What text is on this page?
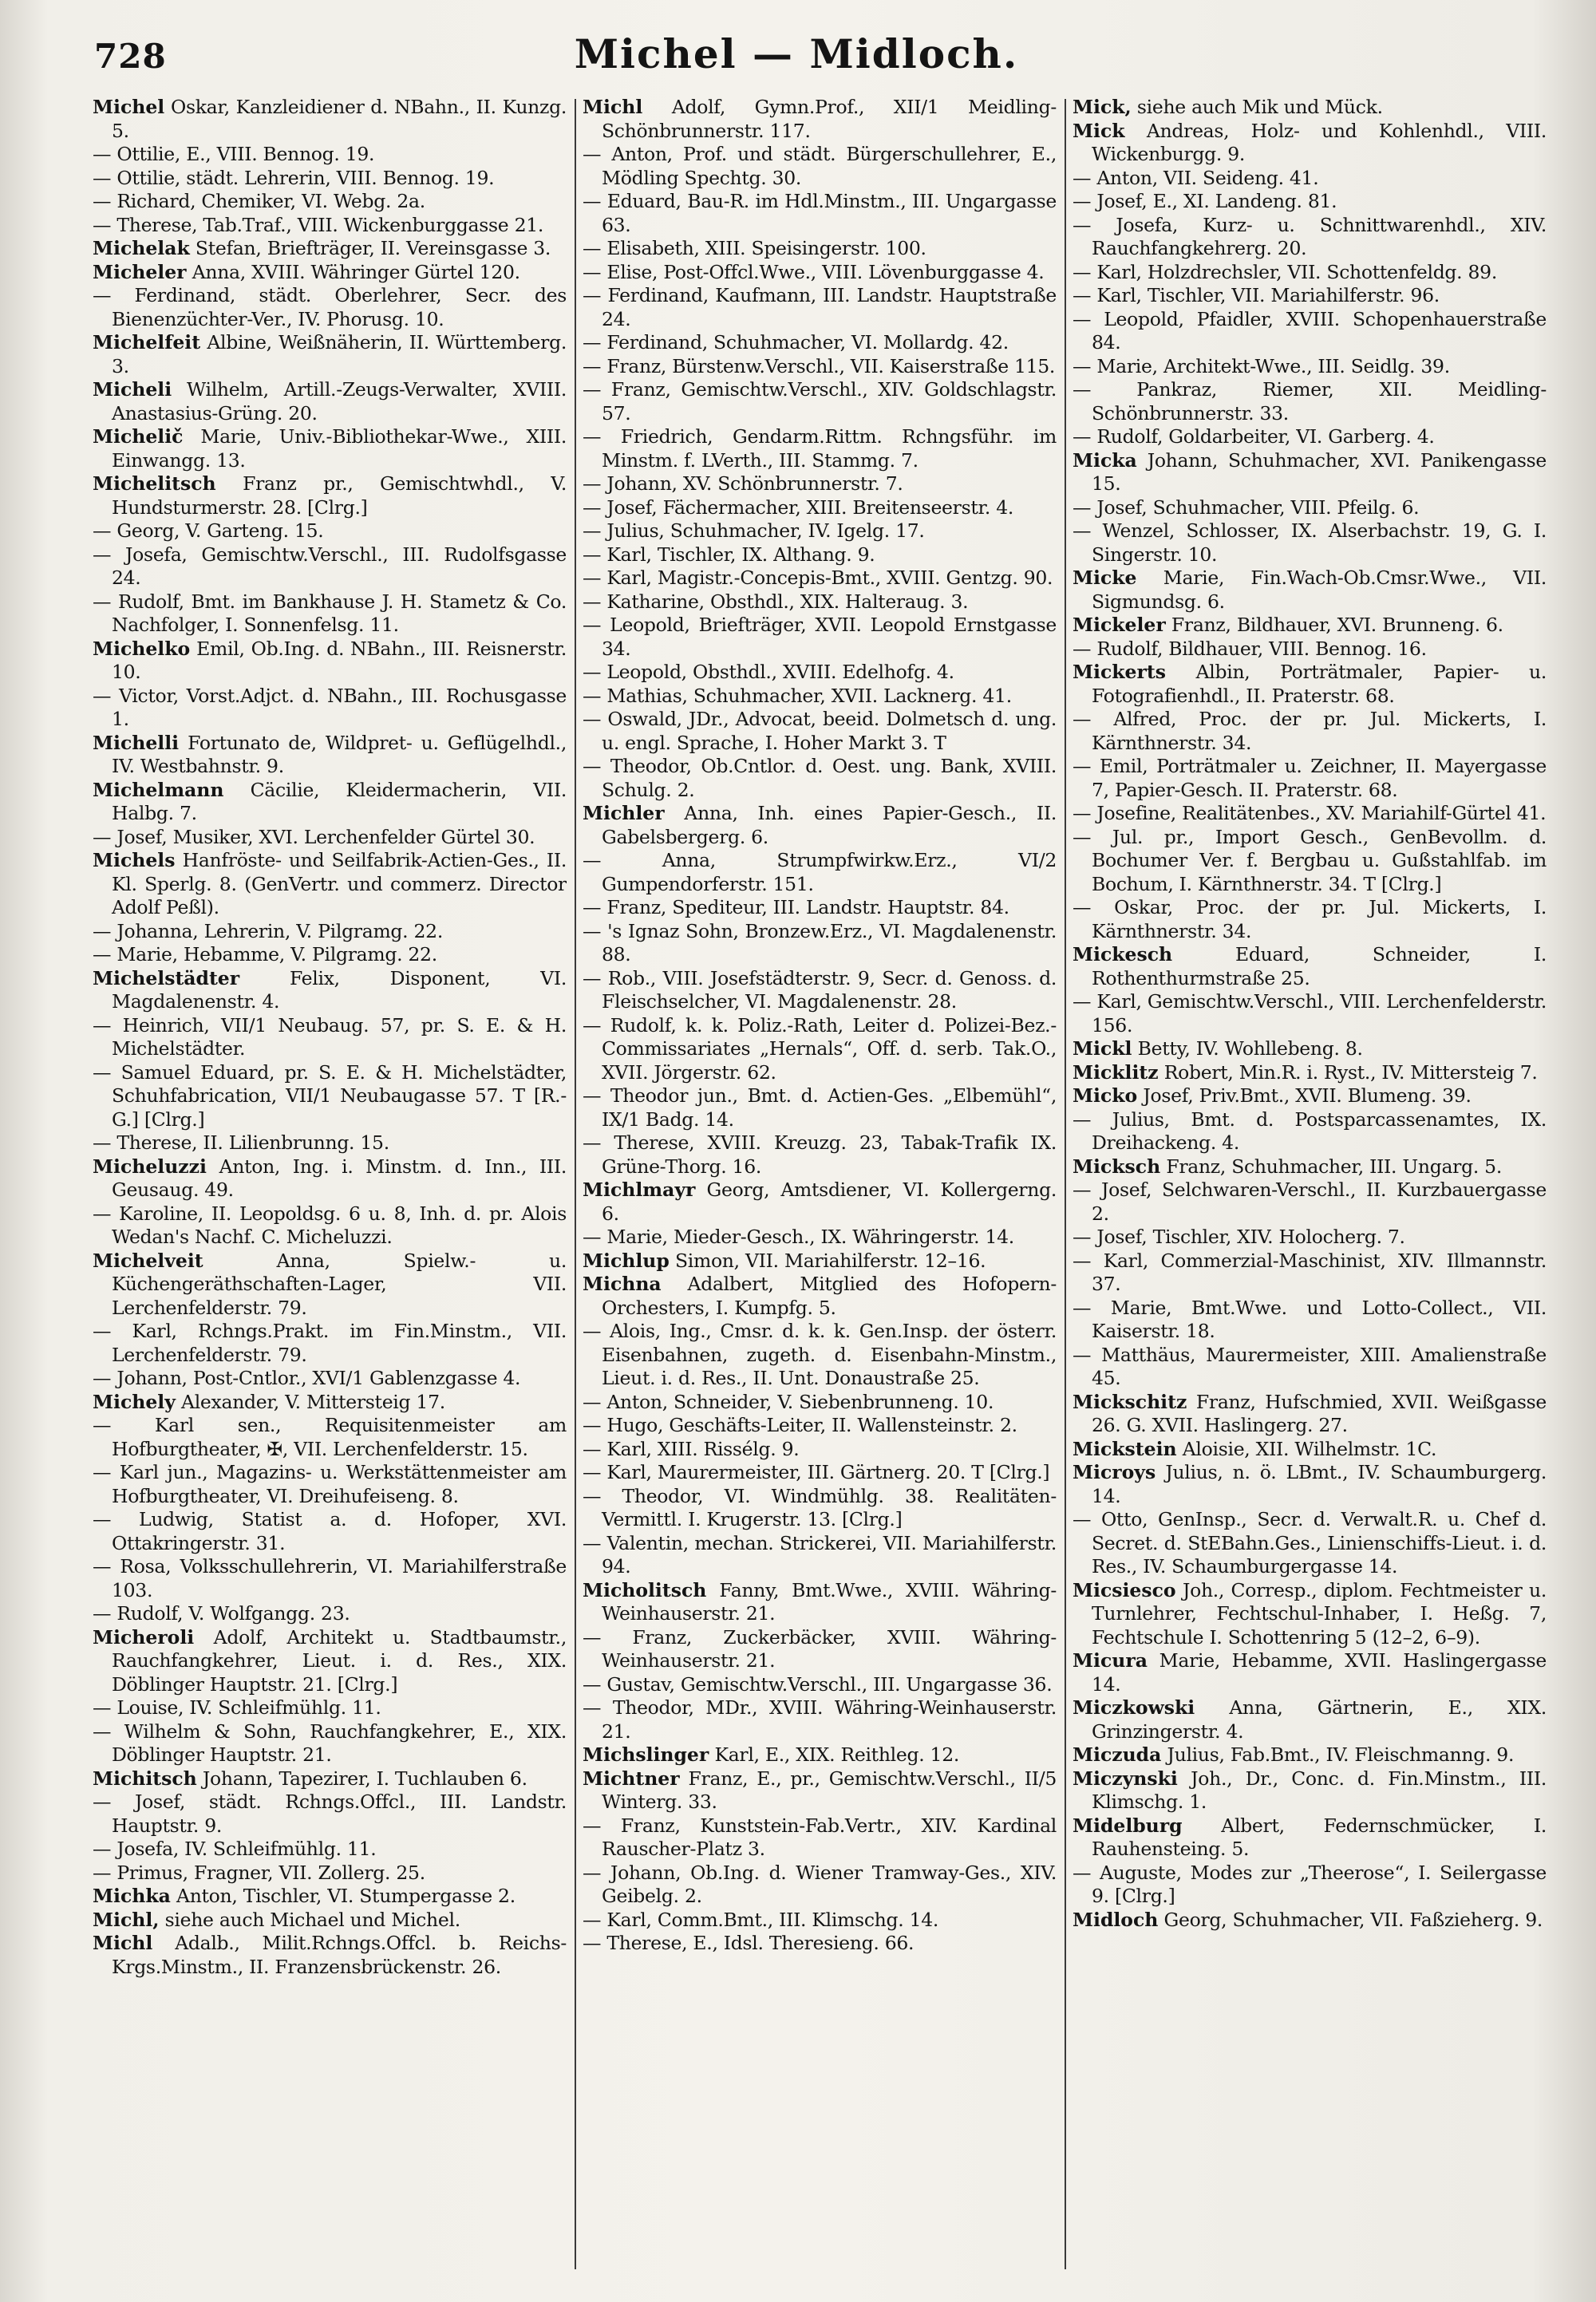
728	Michel — Midloch.

Michel Oskar, Kanzleidiener d. NBahn., II. Kunzg. 5.

— Ottilie, E., VIII. Bennog. 19.

— Ottilie, städt. Lehrerin, VIII. Bennog. 19.

— Richard, Chemiker, VI. Webg. 2a.

— Therese, Tab.Traf., VIII. Wickenburggasse 21.

Michelak Stefan, Briefträger, II. Vereinsgasse 3.

Micheler Anna, XVIII. Währinger Gürtel 120.

— Ferdinand, städt. Oberlehrer, Secr. des Bienenzüchter-Ver., IV. Phorusg. 10.

Michelfeit Albine, Weißnäherin, II. Württemberg. 3.

Micheli Wilhelm, Artill.-Zeugs-Verwalter, XVIII. Anastasius-Grüng. 20.

Michelič Marie, Univ.-Bibliothekar-Wwe., XIII. Einwangg. 13.

Michelitsch Franz pr., Gemischtwhdl., V. Hundsturmerstr. 28. [Clrg.]

— Georg, V. Garteng. 15.

— Josefa, Gemischtw.Verschl., III. Rudolfsgasse 24.

— Rudolf, Bmt. im Bankhause J. H. Stametz & Co. Nachfolger, I. Sonnenfelsg. 11.

Michelko Emil, Ob.Ing. d. NBahn., III. Reisnerstr. 10.

— Victor, Vorst.Adjct. d. NBahn., III. Rochusgasse 1.

Michelli Fortunato de, Wildpret- u. Geflügelhdl., IV. Westbahnstr. 9.

Michelmann Cäcilie, Kleidermacherin, VII. Halbg. 7.

— Josef, Musiker, XVI. Lerchenfelder Gürtel 30.

Michels Hanfröste- und Seilfabrik-Actien-Ges., II. Kl. Sperlg. 8. (GenVertr. und commerz. Director Adolf Peßl).

— Johanna, Lehrerin, V. Pilgramg. 22.

— Marie, Hebamme, V. Pilgramg. 22.

Michelstädter Felix, Disponent, VI. Magdalenenstr. 4.

— Heinrich, VII/1 Neubaug. 57, pr. S. E. & H. Michelstädter.

— Samuel Eduard, pr. S. E. & H. Michelstädter, Schuhfabrication, VII/1 Neubaugasse 57. T [R.-G.] [Clrg.]

— Therese, II. Lilienbrunng. 15.

Micheluzzi Anton, Ing. i. Minstm. d. Inn., III. Geusaug. 49.

— Karoline, II. Leopoldsg. 6 u. 8, Inh. d. pr. Alois Wedan's Nachf. C. Micheluzzi.

Michelveit Anna, Spielw.- u. Küchengeräthschaften-Lager, VII. Lerchenfelderstr. 79.

— Karl, Rchngs.Prakt. im Fin.Minstm., VII. Lerchenfelderstr. 79.

— Johann, Post-Cntlor., XVI/1 Gablenzgasse 4.

Michely Alexander, V. Mittersteig 17.

— Karl sen., Requisitenmeister am Hofburgtheater, ✠, VII. Lerchenfelderstr. 15.

— Karl jun., Magazins- u. Werkstättenmeister am Hofburgtheater, VI. Dreihufeiseng. 8.

— Ludwig, Statist a. d. Hofoper, XVI. Ottakringerstr. 31.

— Rosa, Volksschullehrerin, VI. Mariahilferstraße 103.

— Rudolf, V. Wolfgangg. 23.

Micheroli Adolf, Architekt u. Stadtbaumstr., Rauchfangkehrer, Lieut. i. d. Res., XIX. Döblinger Hauptstr. 21. [Clrg.]

— Louise, IV. Schleifmühlg. 11.

— Wilhelm & Sohn, Rauchfangkehrer, E., XIX. Döblinger Hauptstr. 21.

Michitsch Johann, Tapezirer, I. Tuchlauben 6.

— Josef, städt. Rchngs.Offcl., III. Landstr. Hauptstr. 9.

— Josefa, IV. Schleifmühlg. 11.

— Primus, Fragner, VII. Zollerg. 25.

Michka Anton, Tischler, VI. Stumpergasse 2.

Michl, siehe auch Michael und Michel.

Michl Adalb., Milit.Rchngs.Offcl. b. Reichs-Krgs.Minstm., II. Franzensbrückenstr. 26.

Michl Adolf, Gymn.Prof., XII/1 Meidling-Schönbrunnerstr. 117.

— Anton, Prof. und städt. Bürgerschullehrer, E., Mödling Spechtg. 30.

— Eduard, Bau-R. im Hdl.Minstm., III. Ungargasse 63.

— Elisabeth, XIII. Speisingerstr. 100.

— Elise, Post-Offcl.Wwe., VIII. Lövenburggasse 4.

— Ferdinand, Kaufmann, III. Landstr. Hauptstraße 24.

— Ferdinand, Schuhmacher, VI. Mollardg. 42.

— Franz, Bürstenw.Verschl., VII. Kaiserstraße 115.

— Franz, Gemischtw.Verschl., XIV. Goldschlagstr. 57.

— Friedrich, Gendarm.Rittm. Rchngsführ. im Minstm. f. LVerth., III. Stammg. 7.

— Johann, XV. Schönbrunnerstr. 7.

— Josef, Fächermacher, XIII. Breitenseerstr. 4.

— Julius, Schuhmacher, IV. Igelg. 17.

— Karl, Tischler, IX. Althang. 9.

— Karl, Magistr.-Concepis-Bmt., XVIII. Gentzg. 90.

— Katharine, Obsthdl., XIX. Halteraug. 3.

— Leopold, Briefträger, XVII. Leopold Ernstgasse 34.

— Leopold, Obsthdl., XVIII. Edelhofg. 4.

— Mathias, Schuhmacher, XVII. Lacknerg. 41.

— Oswald, JDr., Advocat, beeid. Dolmetsch d. ung. u. engl. Sprache, I. Hoher Markt 3. T

— Theodor, Ob.Cntlor. d. Oest. ung. Bank, XVIII. Schulg. 2.

Michler Anna, Inh. eines Papier-Gesch., II. Gabelsbergerg. 6.

— Anna, Strumpfwirkw.Erz., VI/2 Gumpendorferstr. 151.

— Franz, Spediteur, III. Landstr. Hauptstr. 84.

— 's Ignaz Sohn, Bronzew.Erz., VI. Magdalenenstr. 88.

— Rob., VIII. Josefstädterstr. 9, Secr. d. Genoss. d. Fleischselcher, VI. Magdalenenstr. 28.

— Rudolf, k. k. Poliz.-Rath, Leiter d. Polizei-Bez.-Commissariates „Hernals“, Off. d. serb. Tak.O., XVII. Jörgerstr. 62.

— Theodor jun., Bmt. d. Actien-Ges. „Elbemühl“, IX/1 Badg. 14.

— Therese, XVIII. Kreuzg. 23, Tabak-Trafik IX. Grüne-Thorg. 16.

Michlmayr Georg, Amtsdiener, VI. Kollergerng. 6.

— Marie, Mieder-Gesch., IX. Währingerstr. 14.

Michlup Simon, VII. Mariahilferstr. 12–16.

Michna Adalbert, Mitglied des Hofopern-Orchesters, I. Kumpfg. 5.

— Alois, Ing., Cmsr. d. k. k. Gen.Insp. der österr. Eisenbahnen, zugeth. d. Eisenbahn-Minstm., Lieut. i. d. Res., II. Unt. Donaustraße 25.

— Anton, Schneider, V. Siebenbrunneng. 10.

— Hugo, Geschäfts-Leiter, II. Wallensteinstr. 2.

— Karl, XIII. Rissélg. 9.

— Karl, Maurermeister, III. Gärtnerg. 20. T [Clrg.]

— Theodor, VI. Windmühlg. 38. Realitäten-Vermittl. I. Krugerstr. 13. [Clrg.]

— Valentin, mechan. Strickerei, VII. Mariahilferstr. 94.

Micholitsch Fanny, Bmt.Wwe., XVIII. Währing-Weinhauserstr. 21.

— Franz, Zuckerbäcker, XVIII. Währing-Weinhauserstr. 21.

— Gustav, Gemischtw.Verschl., III. Ungargasse 36.

— Theodor, MDr., XVIII. Währing-Weinhauserstr. 21.

Michslinger Karl, E., XIX. Reithleg. 12.

Michtner Franz, E., pr., Gemischtw.Verschl., II/5 Winterg. 33.

— Franz, Kunststein-Fab.Vertr., XIV. Kardinal Rauscher-Platz 3.

— Johann, Ob.Ing. d. Wiener Tramway-Ges., XIV. Geibelg. 2.

— Karl, Comm.Bmt., III. Klimschg. 14.

— Therese, E., Idsl. Theresieng. 66.

Mick, siehe auch Mik und Mück.

Mick Andreas, Holz- und Kohlenhdl., VIII. Wickenburgg. 9.

— Anton, VII. Seideng. 41.

— Josef, E., XI. Landeng. 81.

— Josefa, Kurz- u. Schnittwarenhdl., XIV. Rauchfangkehrerg. 20.

— Karl, Holzdrechsler, VII. Schottenfeldg. 89.

— Karl, Tischler, VII. Mariahilferstr. 96.

— Leopold, Pfaidler, XVIII. Schopenhauerstraße 84.

— Marie, Architekt-Wwe., III. Seidlg. 39.

— Pankraz, Riemer, XII. Meidling-Schönbrunnerstr. 33.

— Rudolf, Goldarbeiter, VI. Garberg. 4.

Micka Johann, Schuhmacher, XVI. Panikengasse 15.

— Josef, Schuhmacher, VIII. Pfeilg. 6.

— Wenzel, Schlosser, IX. Alserbachstr. 19, G. I. Singerstr. 10.

Micke Marie, Fin.Wach-Ob.Cmsr.Wwe., VII. Sigmundsg. 6.

Mickeler Franz, Bildhauer, XVI. Brunneng. 6.

— Rudolf, Bildhauer, VIII. Bennog. 16.

Mickerts Albin, Porträtmaler, Papier- u. Fotografienhdl., II. Praterstr. 68.

— Alfred, Proc. der pr. Jul. Mickerts, I. Kärnthnerstr. 34.

— Emil, Porträtmaler u. Zeichner, II. Mayergasse 7, Papier-Gesch. II. Praterstr. 68.

— Josefine, Realitätenbes., XV. Mariahilf-Gürtel 41.

— Jul. pr., Import Gesch., GenBevollm. d. Bochumer Ver. f. Bergbau u. Gußstahlfab. im Bochum, I. Kärnthnerstr. 34. T [Clrg.]

— Oskar, Proc. der pr. Jul. Mickerts, I. Kärnthnerstr. 34.

Mickesch Eduard, Schneider, I. Rothenthurmstraße 25.

— Karl, Gemischtw.Verschl., VIII. Lerchenfelderstr. 156.

Mickl Betty, IV. Wohllebeng. 8.

Micklitz Robert, Min.R. i. Ryst., IV. Mittersteig 7.

Micko Josef, Priv.Bmt., XVII. Blumeng. 39.

— Julius, Bmt. d. Postsparcassenamtes, IX. Dreihackeng. 4.

Micksch Franz, Schuhmacher, III. Ungarg. 5.

— Josef, Selchwaren-Verschl., II. Kurzbauergasse 2.

— Josef, Tischler, XIV. Holocherg. 7.

— Karl, Commerzial-Maschinist, XIV. Illmannstr. 37.

— Marie, Bmt.Wwe. und Lotto-Collect., VII. Kaiserstr. 18.

— Matthäus, Maurermeister, XIII. Amalienstraße 45.

Mickschitz Franz, Hufschmied, XVII. Weißgasse 26. G. XVII. Haslingerg. 27.

Mickstein Aloisie, XII. Wilhelmstr. 1C.

Microys Julius, n. ö. LBmt., IV. Schaumburgerg. 14.

— Otto, GenInsp., Secr. d. Verwalt.R. u. Chef d. Secret. d. StEBahn.Ges., Linienschiffs-Lieut. i. d. Res., IV. Schaumburgergasse 14.

Micsiesco Joh., Corresp., diplom. Fechtmeister u. Turnlehrer, Fechtschul-Inhaber, I. Heßg. 7, Fechtschule I. Schottenring 5 (12–2, 6–9).

Micura Marie, Hebamme, XVII. Haslingergasse 14.

Miczkowski Anna, Gärtnerin, E., XIX. Grinzingerstr. 4.

Miczuda Julius, Fab.Bmt., IV. Fleischmanng. 9.

Miczynski Joh., Dr., Conc. d. Fin.Minstm., III. Klimschg. 1.

Midelburg Albert, Federnschmücker, I. Rauhensteing. 5.

— Auguste, Modes zur „Theerose“, I. Seilergasse 9. [Clrg.]

Midloch Georg, Schuhmacher, VII. Faßzieherg. 9.
